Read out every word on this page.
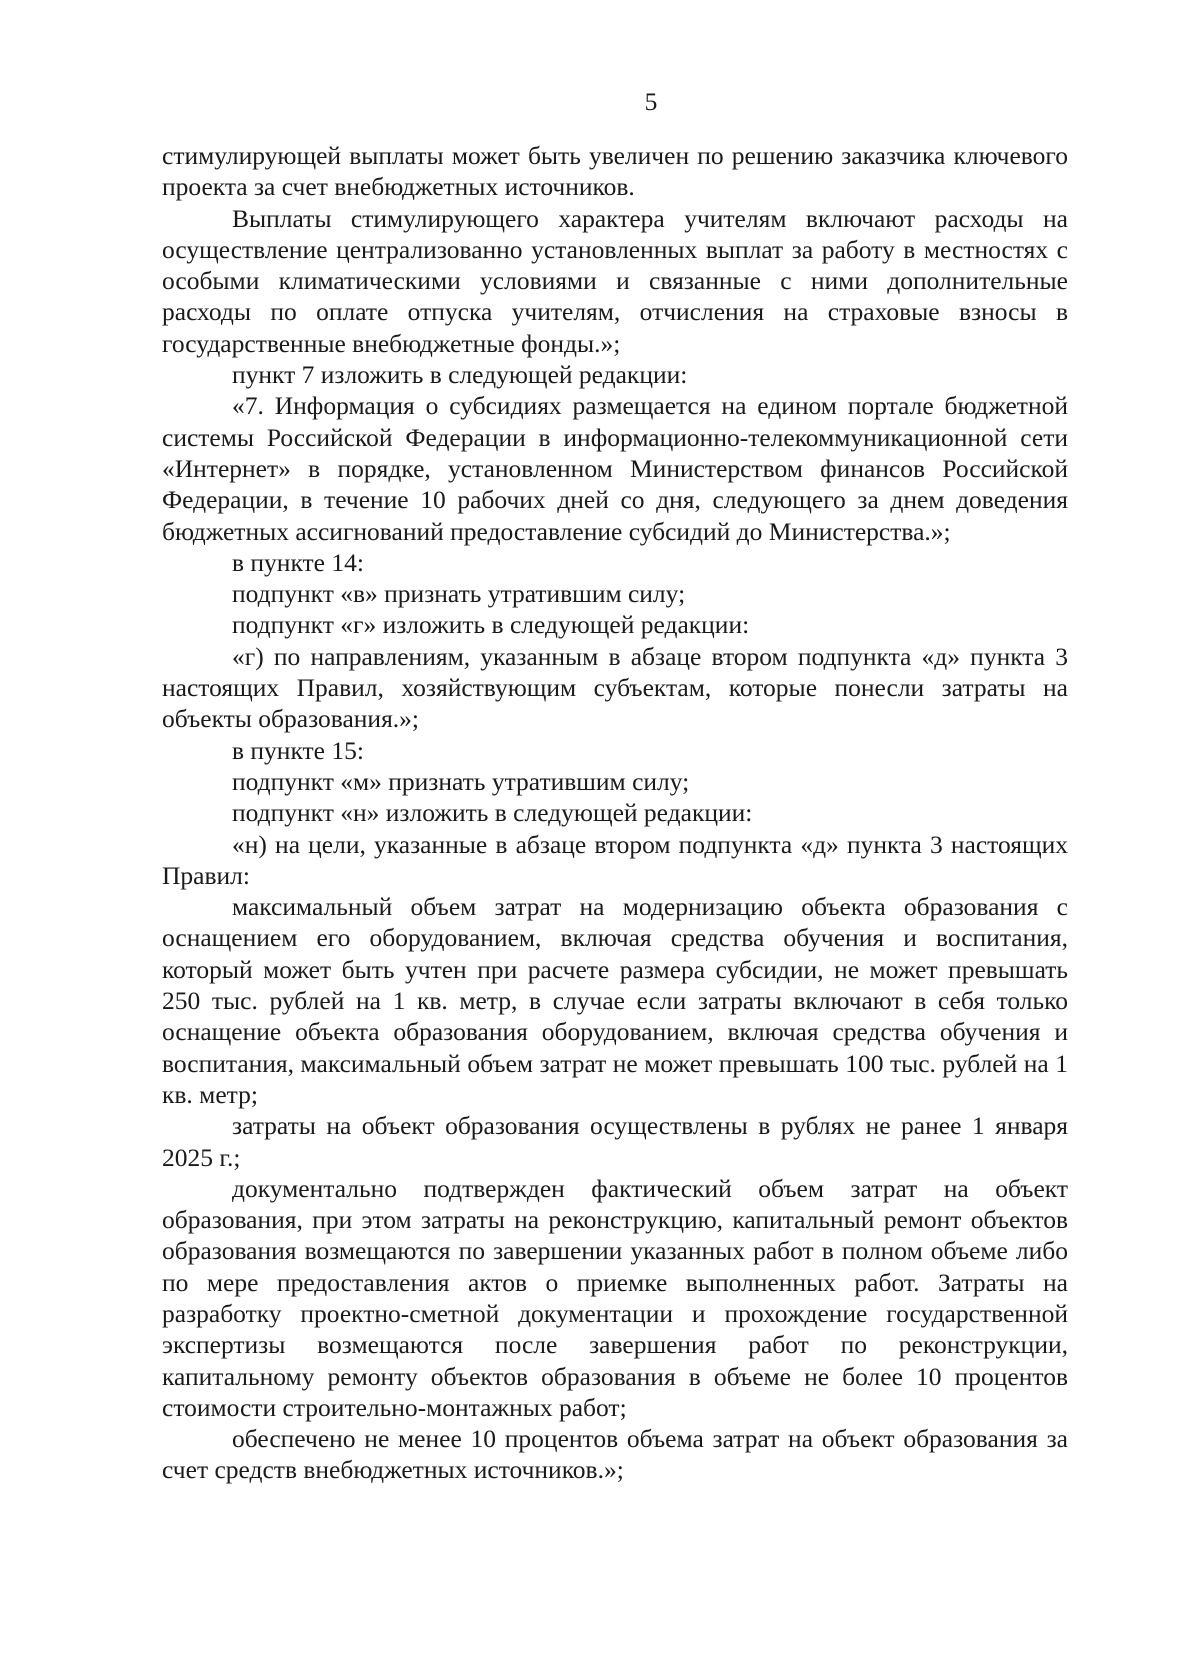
5

стимулирующей выплаты может быть увеличен по решению заказчика ключевого проекта за счет внебюджетных источников.

Выплаты стимулирующего характера учителям включают расходы на осуществление централизованно установленных выплат за работу в местностях с особыми климатическими условиями и связанные с ними дополнительные расходы по оплате отпуска учителям, отчисления на страховые взносы в государственные внебюджетные фонды.»;

пункт 7 изложить в следующей редакции:

«7. Информация о субсидиях размещается на едином портале бюджетной системы Российской Федерации в информационно-телекоммуникационной сети «Интернет» в порядке, установленном Министерством финансов Российской Федерации, в течение 10 рабочих дней со дня, следующего за днем доведения бюджетных ассигнований предоставление субсидий до Министерства.»;

в пункте 14:

подпункт «в» признать утратившим силу;

подпункт «г» изложить в следующей редакции:

«г) по направлениям, указанным в абзаце втором подпункта «д» пункта 3 настоящих Правил, хозяйствующим субъектам, которые понесли затраты на объекты образования.»;

в пункте 15:

подпункт «м» признать утратившим силу;

подпункт «н» изложить в следующей редакции:

«н) на цели, указанные в абзаце втором подпункта «д» пункта 3 настоящих Правил:

максимальный объем затрат на модернизацию объекта образования с оснащением его оборудованием, включая средства обучения и воспитания, который может быть учтен при расчете размера субсидии, не может превышать 250 тыс. рублей на 1 кв. метр, в случае если затраты включают в себя только оснащение объекта образования оборудованием, включая средства обучения и воспитания, максимальный объем затрат не может превышать 100 тыс. рублей на 1 кв. метр;

затраты на объект образования осуществлены в рублях не ранее 1 января 2025 г.;

документально подтвержден фактический объем затрат на объект образования, при этом затраты на реконструкцию, капитальный ремонт объектов образования возмещаются по завершении указанных работ в полном объеме либо по мере предоставления актов о приемке выполненных работ. Затраты на разработку проектно-сметной документации и прохождение государственной экспертизы возмещаются после завершения работ по реконструкции, капитальному ремонту объектов образования в объеме не более 10 процентов стоимости строительно-монтажных работ;

обеспечено не менее 10 процентов объема затрат на объект образования за счет средств внебюджетных источников.»;
